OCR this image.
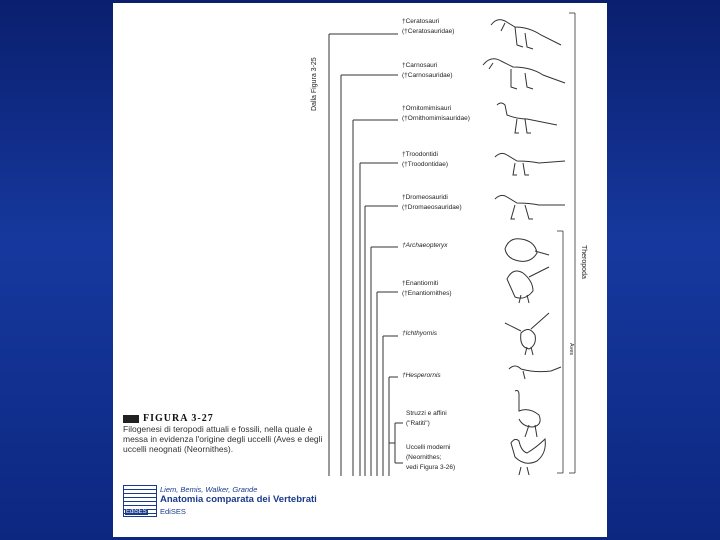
Theropoda
Aves
Dalla Figura 3-25
†Ceratosauri
(†Ceratosauridae)
†Carnosauri
(†Carnosauridae)
†Ornitomimisauri
(†Ornithomimisauridae)
†Troodontidi
(†Troodontidae)
†Dromeosauridi
(†Dromaeosauridae)
†Archaeopteryx
†Enantiorniti
(†Enantiornithes)
†Ichthyornis
†Hesperornis
Struzzi e affini
("Ratiti")
Uccelli moderni
(Neornithes;
vedi Figura 3-26)
FIGURA 3-27
Filogenesi di teropodi attuali e fossili, nella quale è messa in evidenza l'origine degli uccelli (Aves e degli uccelli neognati (Neornithes).
EdiSES
Liem, Bemis, Walker, Grande
Anatomia comparata dei Vertebrati
EdiSES
